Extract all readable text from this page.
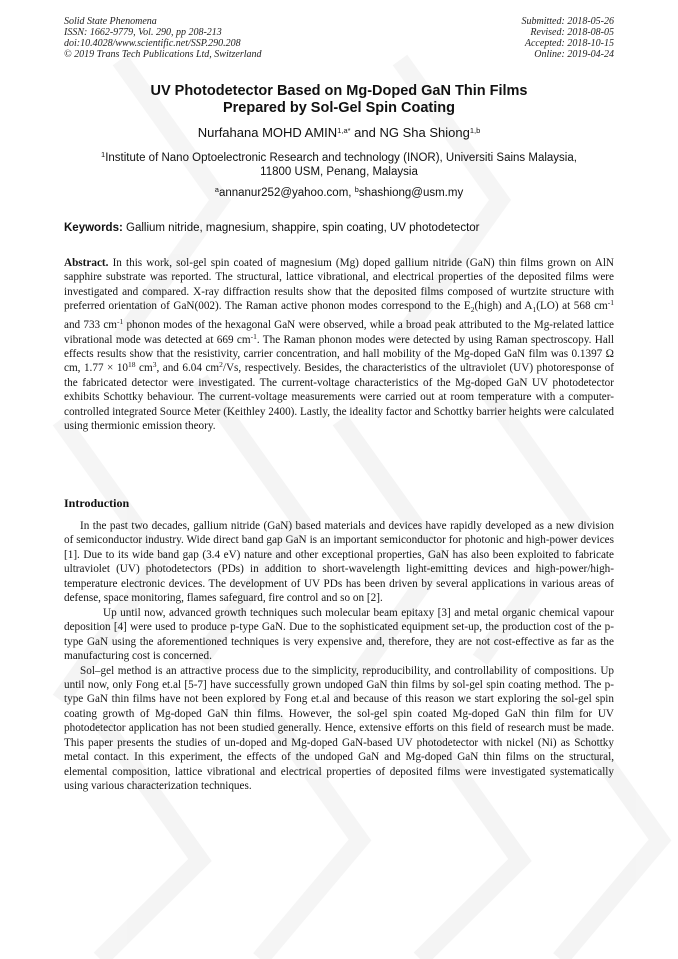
Solid State Phenomena
ISSN: 1662-9779, Vol. 290, pp 208-213
doi:10.4028/www.scientific.net/SSP.290.208
© 2019 Trans Tech Publications Ltd, Switzerland
Submitted: 2018-05-26
Revised: 2018-08-05
Accepted: 2018-10-15
Online: 2019-04-24
UV Photodetector Based on Mg-Doped GaN Thin Films
Prepared by Sol-Gel Spin Coating
Nurfahana MOHD $AMIN^{1,a*}$ and NG Sha Shiong$^{1,b}$
$^1$Institute of Nano Optoelectronic Research and technology (INOR), Universiti Sains Malaysia,
11800 USM, Penang, Malaysia
$^a$annanur252@yahoo.com, $^b$shashiong@usm.my
Keywords: Gallium nitride, magnesium, shappire, spin coating, UV photodetector
Abstract. In this work, sol-gel spin coated of magnesium (Mg) doped gallium nitride (GaN) thin films grown on AlN sapphire substrate was reported. The structural, lattice vibrational, and electrical properties of the deposited films were investigated and compared. X-ray diffraction results show that the deposited films composed of wurtzite structure with preferred orientation of GaN(002). The Raman active phonon modes correspond to the $E_2(high)$ and $A_1(LO)$ at 568 $cm^{-1}$ and 733 $cm^{-1}$ phonon modes of the hexagonal GaN were observed, while a broad peak attributed to the Mg-related lattice vibrational mode was detected at 669 $cm^{-1}$. The Raman phonon modes were detected by using Raman spectroscopy. Hall effects results show that the resistivity, carrier concentration, and hall mobility of the Mg-doped GaN film was 0.1397 Ω cm, $1.77 \times 10^{18}$ $cm^3$, and 6.04 $cm^2/Vs$, respectively. Besides, the characteristics of the ultraviolet (UV) photoresponse of the fabricated detector were investigated. The current-voltage characteristics of the Mg-doped GaN UV photodetector exhibits Schottky behaviour. The current-voltage measurements were carried out at room temperature with a computer-controlled integrated Source Meter (Keithley 2400). Lastly, the ideality factor and Schottky barrier heights were calculated using thermionic emission theory.
Introduction

In the past two decades, gallium nitride (GaN) based materials and devices have rapidly developed as a new division of semiconductor industry. Wide direct band gap GaN is an important semiconductor for photonic and high-power devices [1]. Due to its wide band gap (3.4 eV) nature and other exceptional properties, GaN has also been exploited to fabricate ultraviolet (UV) photodetectors (PDs) in addition to short-wavelength light-emitting devices and high-power/high-temperature electronic devices. The development of UV PDs has been driven by several applications in various areas of defense, space monitoring, flames safeguard, fire control and so on [2].

Up until now, advanced growth techniques such molecular beam epitaxy [3] and metal organic chemical vapour deposition [4] were used to produce p-type GaN. Due to the sophisticated equipment set-up, the production cost of the p-type GaN using the aforementioned techniques is very expensive and, therefore, they are not cost-effective as far as the manufacturing cost is concerned.

Sol–gel method is an attractive process due to the simplicity, reproducibility, and controllability of compositions. Up until now, only Fong et.al [5-7] have successfully grown undoped GaN thin films by sol-gel spin coating method. The p-type GaN thin films have not been explored by Fong et.al and because of this reason we start exploring the sol-gel spin coating growth of Mg-doped GaN thin films. However, the sol-gel spin coated Mg-doped GaN thin film for UV photodetector application has not been studied generally. Hence, extensive efforts on this field of research must be made. This paper presents the studies of un-doped and Mg-doped GaN-based UV photodetector with nickel (Ni) as Schottky metal contact. In this experiment, the effects of the undoped GaN and Mg-doped GaN thin films on the structural, elemental composition, lattice vibrational and electrical properties of deposited films were investigated systematically using various characterization techniques.
